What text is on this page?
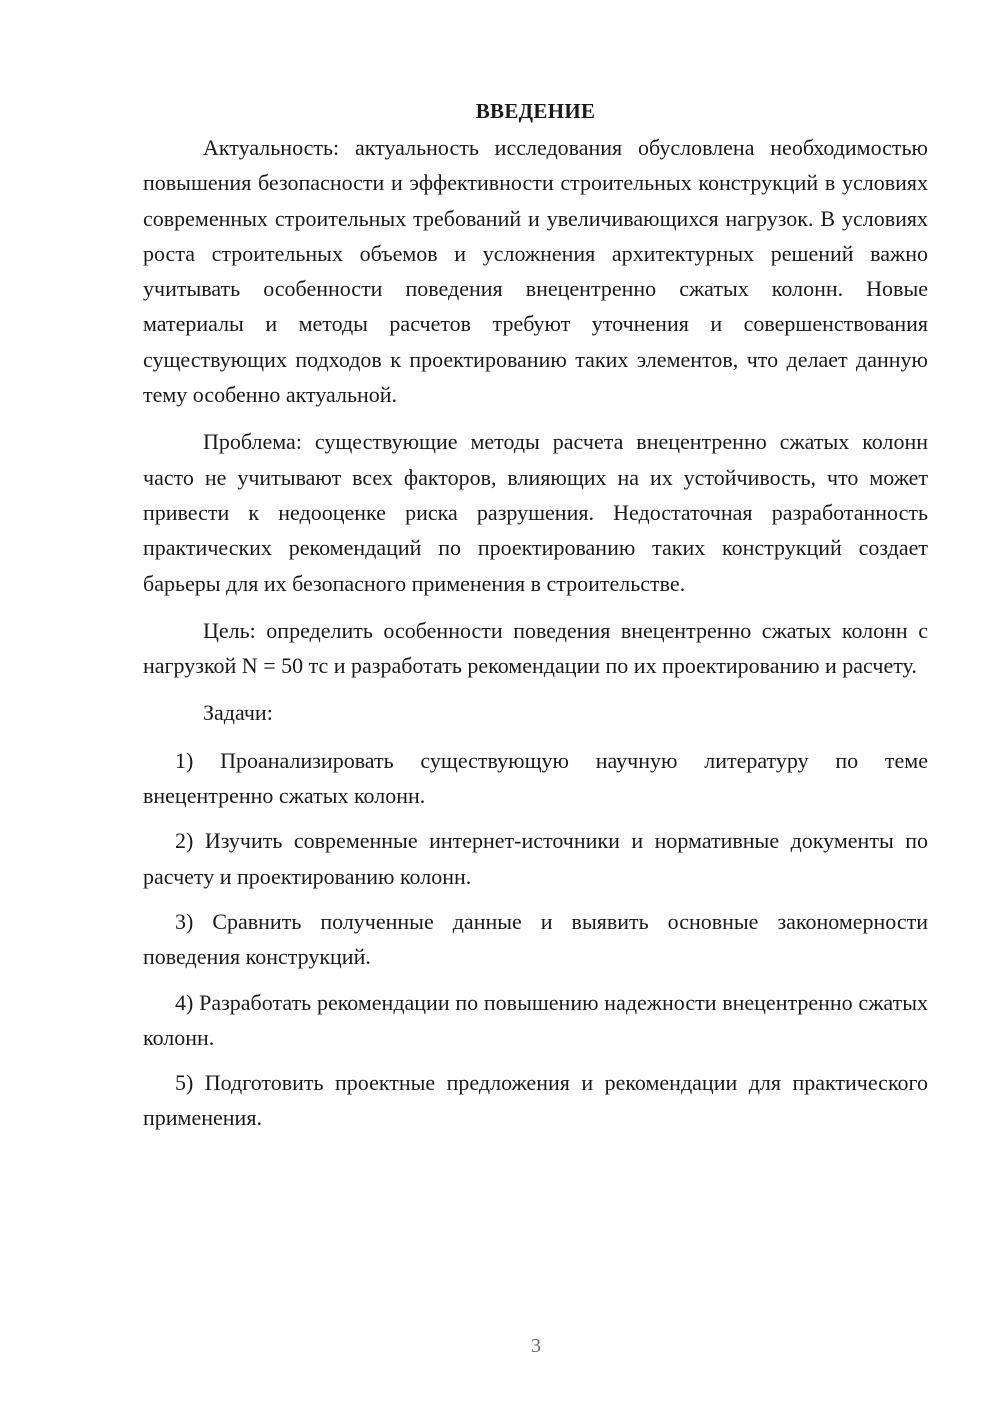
ВВЕДЕНИЕ

Актуальность: актуальность исследования обусловлена необходимостью повышения безопасности и эффективности строительных конструкций в условиях современных строительных требований и увеличивающихся нагрузок. В условиях роста строительных объемов и усложнения архитектурных решений важно учитывать особенности поведения внецентренно сжатых колонн. Новые материалы и методы расчетов требуют уточнения и совершенствования существующих подходов к проектированию таких элементов, что делает данную тему особенно актуальной.

Проблема: существующие методы расчета внецентренно сжатых колонн часто не учитывают всех факторов, влияющих на их устойчивость, что может привести к недооценке риска разрушения. Недостаточная разработанность практических рекомендаций по проектированию таких конструкций создает барьеры для их безопасного применения в строительстве.

Цель: определить особенности поведения внецентренно сжатых колонн с нагрузкой N = 50 тс и разработать рекомендации по их проектированию и расчету.

Задачи:

1) Проанализировать существующую научную литературу по теме внецентренно сжатых колонн.

2) Изучить современные интернет-источники и нормативные документы по расчету и проектированию колонн.

3) Сравнить полученные данные и выявить основные закономерности поведения конструкций.

4) Разработать рекомендации по повышению надежности внецентренно сжатых колонн.

5) Подготовить проектные предложения и рекомендации для практического применения.

3
